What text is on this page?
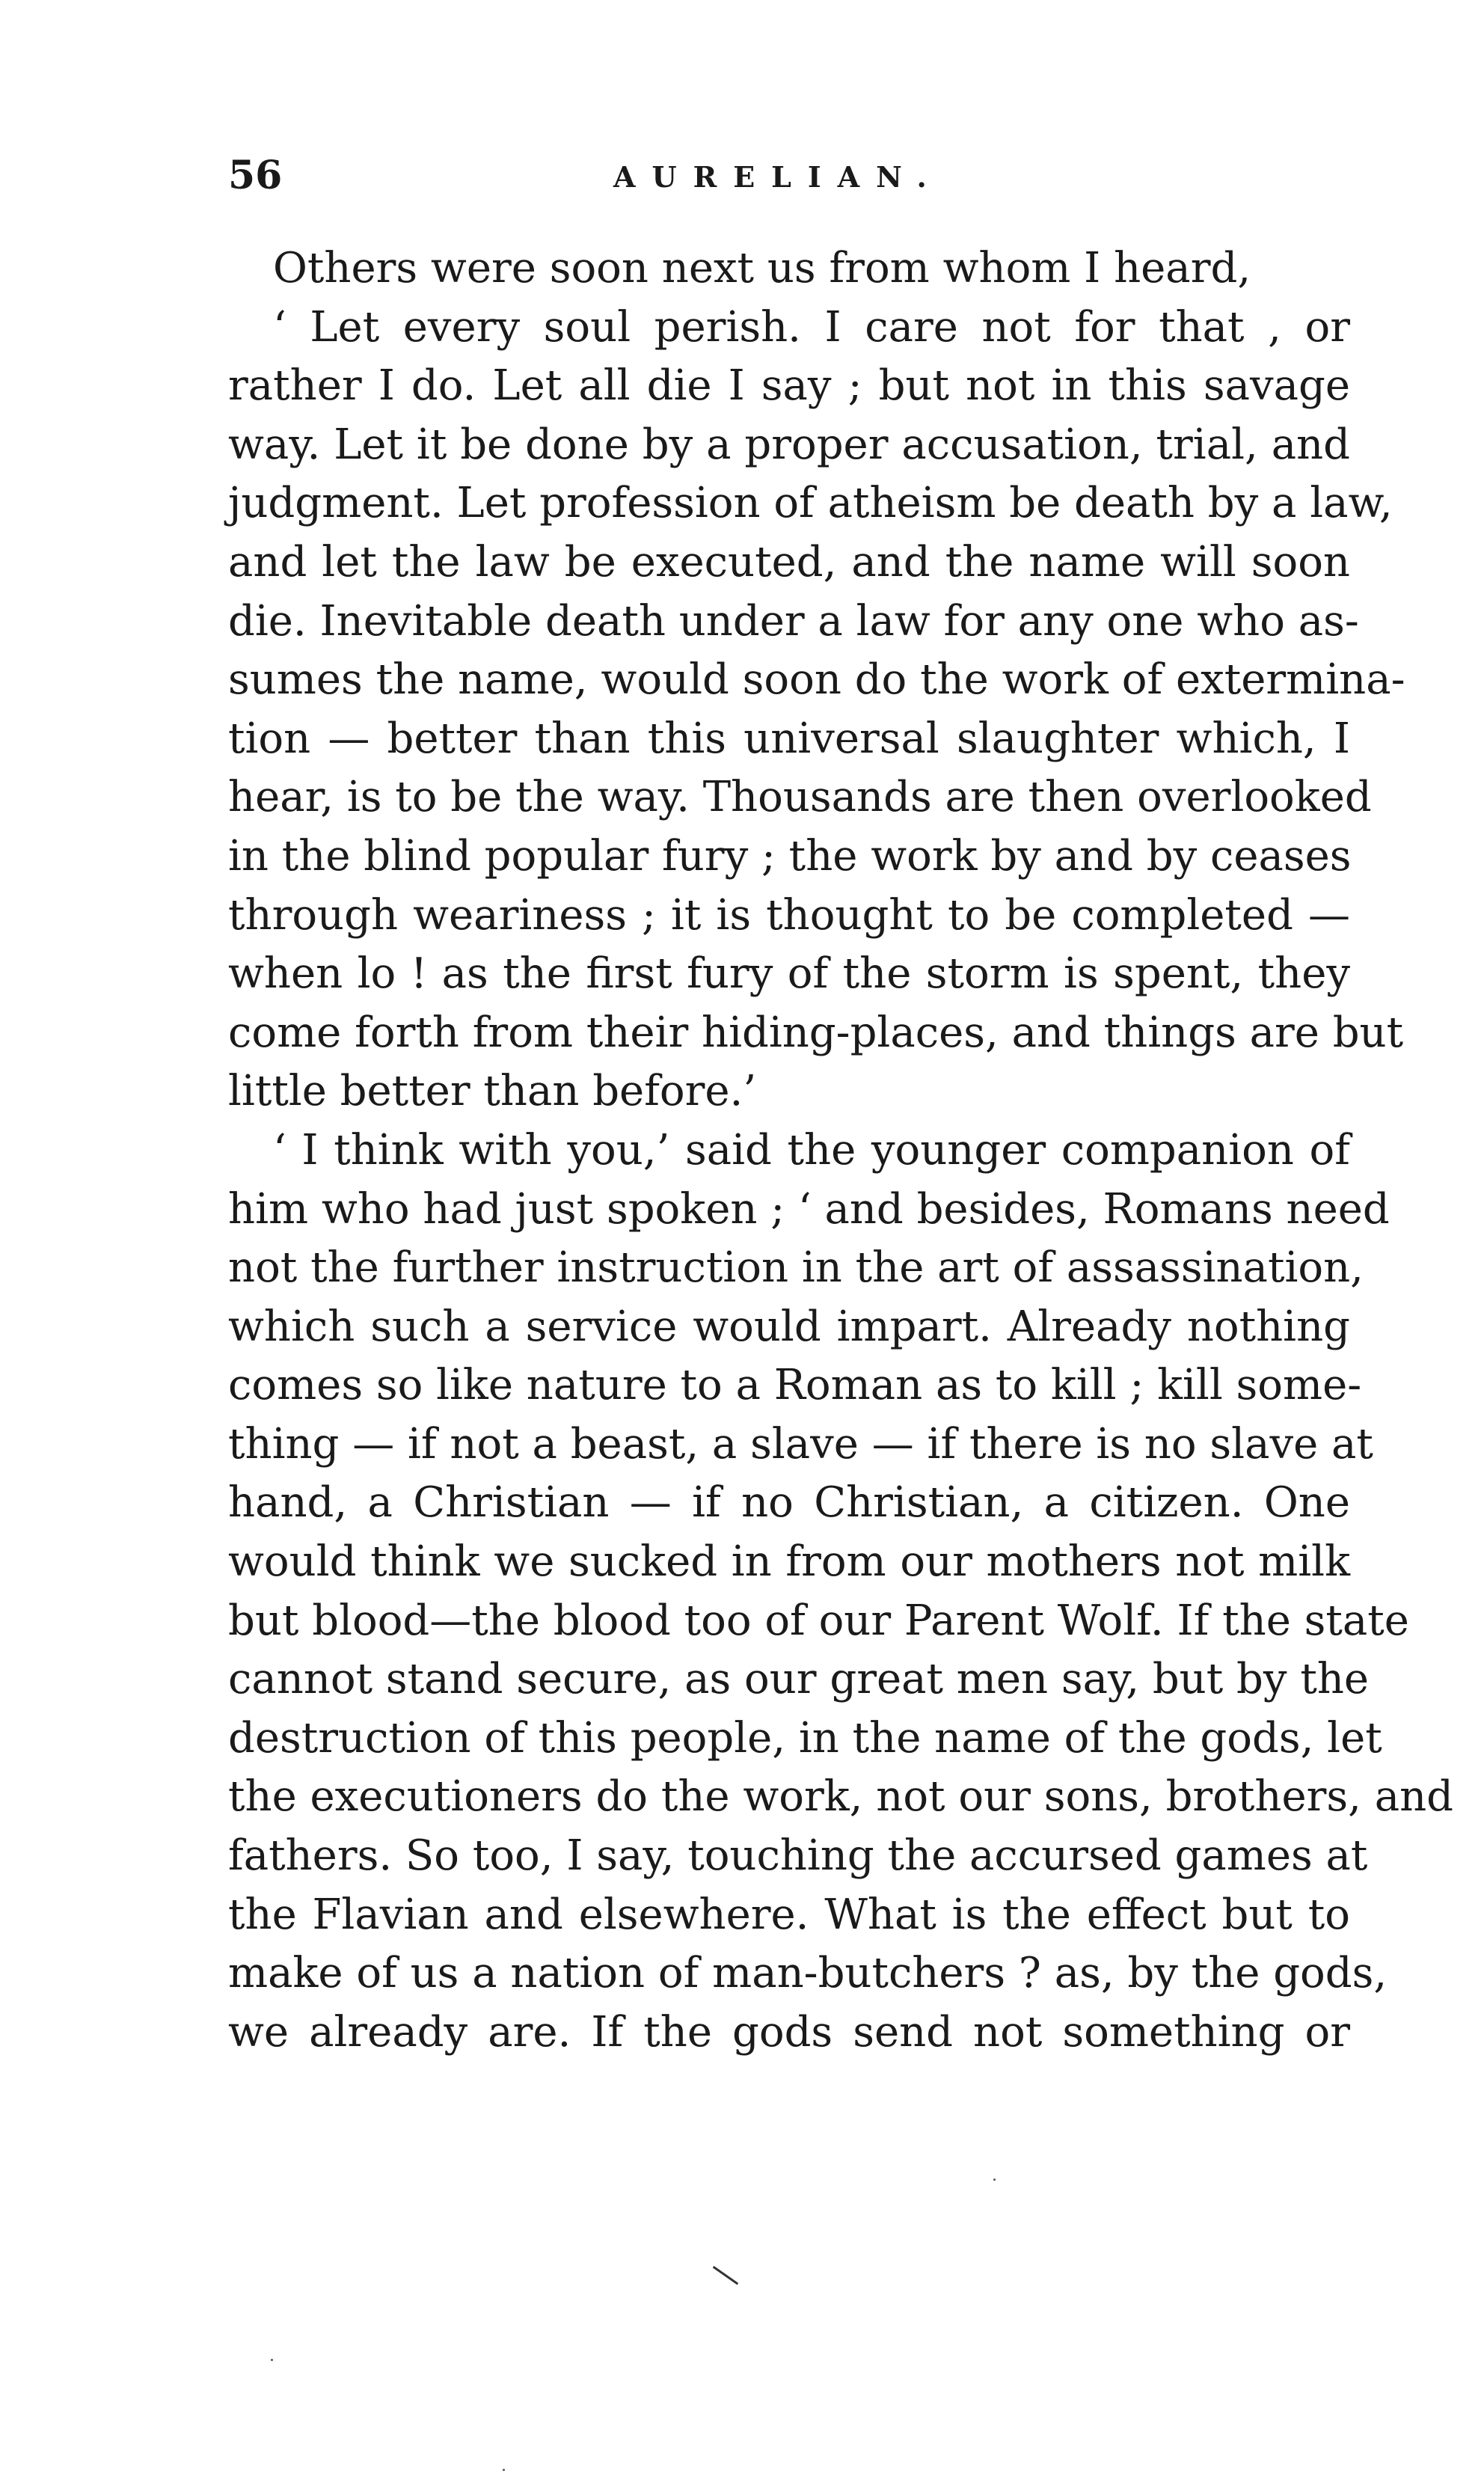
56	AURELIAN.
Others were soon next us from whom I heard,
‘ Let every soul perish. I care not for that , or
rather I do. Let all die I say ; but not in this savage
way. Let it be done by a proper accusation, trial, and
judgment. Let profession of atheism be death by a law,
and let the law be executed, and the name will soon
die. Inevitable death under a law for any one who as-
sumes the name, would soon do the work of extermina-
tion — better than this universal slaughter which, I
hear, is to be the way. Thousands are then overlooked
in the blind popular fury ; the work by and by ceases
through weariness ; it is thought to be completed —
when lo ! as the first fury of the storm is spent, they
come forth from their hiding-places, and things are but
little better than before.’
‘ I think with you,’ said the younger companion of
him who had just spoken ; ‘ and besides, Romans need
not the further instruction in the art of assassination,
which such a service would impart. Already nothing
comes so like nature to a Roman as to kill ; kill some-
thing — if not a beast, a slave — if there is no slave at
hand, a Christian — if no Christian, a citizen. One
would think we sucked in from our mothers not milk
but blood—the blood too of our Parent Wolf. If the state
cannot stand secure, as our great men say, but by the
destruction of this people, in the name of the gods, let
the executioners do the work, not our sons, brothers, and
fathers. So too, I say, touching the accursed games at
the Flavian and elsewhere. What is the effect but to
make of us a nation of man-butchers ? as, by the gods,
we already are. If the gods send not something or
